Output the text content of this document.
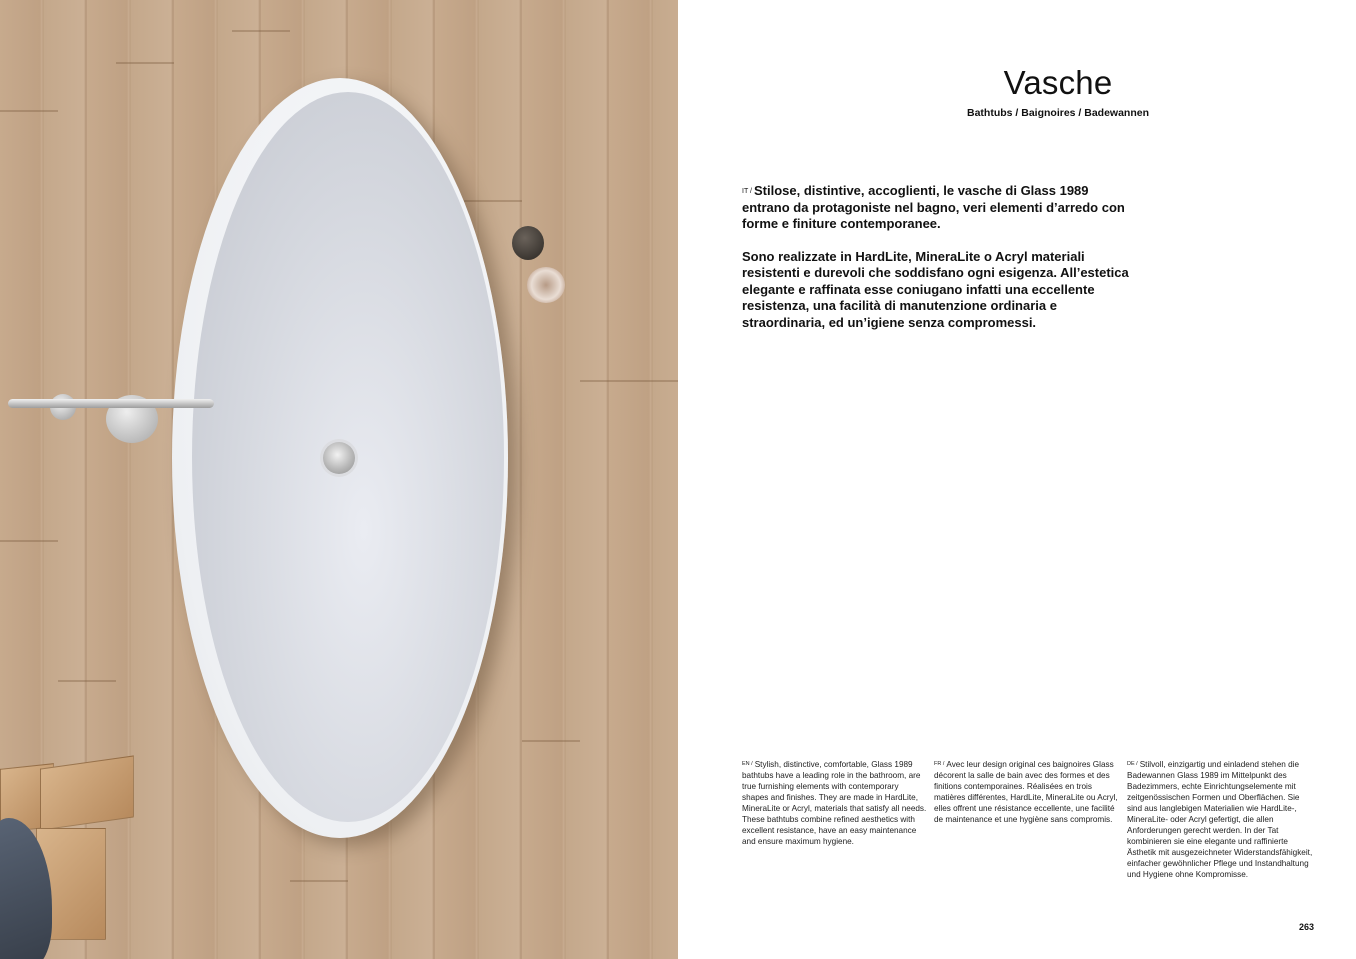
Vasche
Bathtubs / Baignoires / Badewannen

$^{IT /}$ Stilose, distintive, accoglienti, le vasche di Glass 1989 entrano da protagoniste nel bagno, veri elementi d’arredo con forme e finiture contemporanee.

Sono realizzate in HardLite, MineraLite o Acryl materiali resistenti e durevoli che soddisfano ogni esigenza. All’estetica elegante e raffinata esse coniugano infatti una eccellente resistenza, una facilità di manutenzione ordinaria e straordinaria, ed un’igiene senza compromessi.

$^{EN /}$ Stylish, distinctive, comfortable, Glass 1989 bathtubs have a leading role in the bathroom, are true furnishing elements with contemporary shapes and finishes. They are made in HardLite, MineraLite or Acryl, materials that satisfy all needs. These bathtubs combine refined aesthetics with excellent resistance, have an easy maintenance and ensure maximum hygiene.

$^{FR /}$ Avec leur design original ces baignoires Glass décorent la salle de bain avec des formes et des finitions contemporaines. Réalisées en trois matières différentes, HardLite, MineraLite ou Acryl, elles offrent une résistance eccellente, une facilité de maintenance et une hygiène sans compromis.

$^{DE /}$ Stilvoll, einzigartig und einladend stehen die Badewannen Glass 1989 im Mittelpunkt des Badezimmers, echte Einrichtungselemente mit zeitgenössischen Formen und Oberflächen. Sie sind aus langlebigen Materialien wie HardLite-, MineraLite- oder Acryl gefertigt, die allen Anforderungen gerecht werden. In der Tat kombinieren sie eine elegante und raffinierte Ästhetik mit ausgezeichneter Widerstandsfähigkeit, einfacher gewöhnlicher Pflege und Instandhaltung und Hygiene ohne Kompromisse.

263
